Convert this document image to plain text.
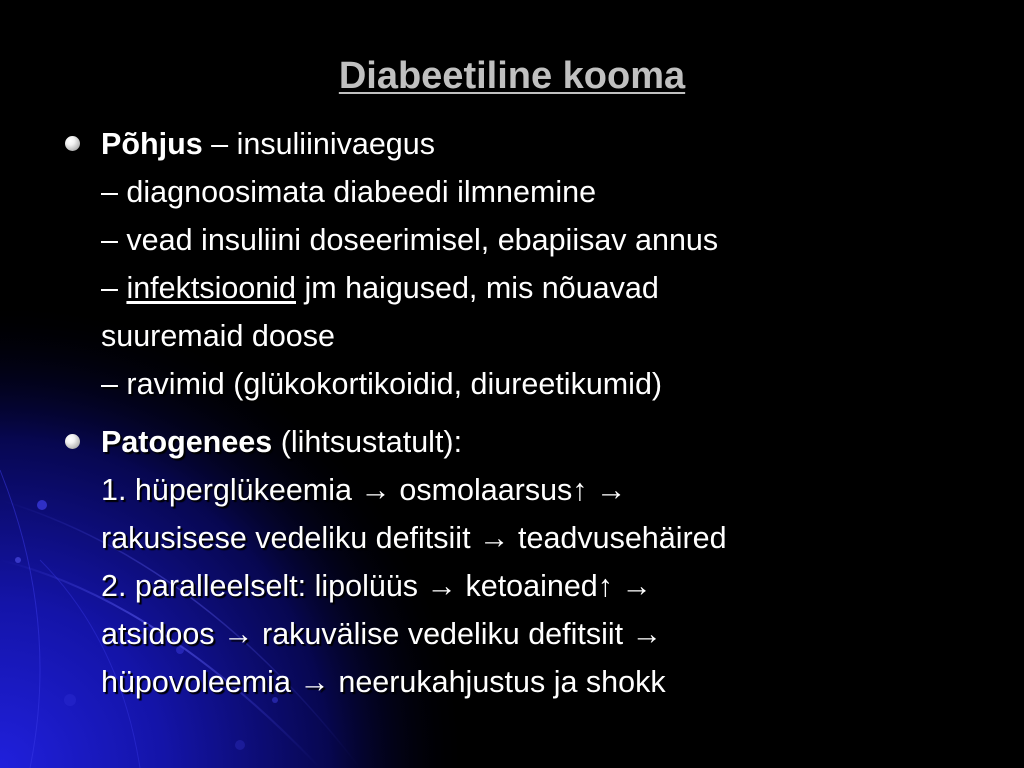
Diabeetiline kooma
Põhjus – insuliinivaegus
– diagnoosimata diabeedi ilmnemine
– vead insuliini doseerimisel, ebapiisav annus
– infektsioonid jm haigused, mis nõuavad
suuremaid doose
– ravimid (glükokortikoidid, diureetikumid)
Patogenees (lihtsustatult):
1. hüperglükeemia → osmolaarsus↑ →
rakusisese vedeliku defitsiit → teadvusehäired
2. paralleelselt: lipolüüs → ketoained↑ →
atsidoos → rakuvälise vedeliku defitsiit →
hüpovoleemia → neerukahjustus ja shokk
